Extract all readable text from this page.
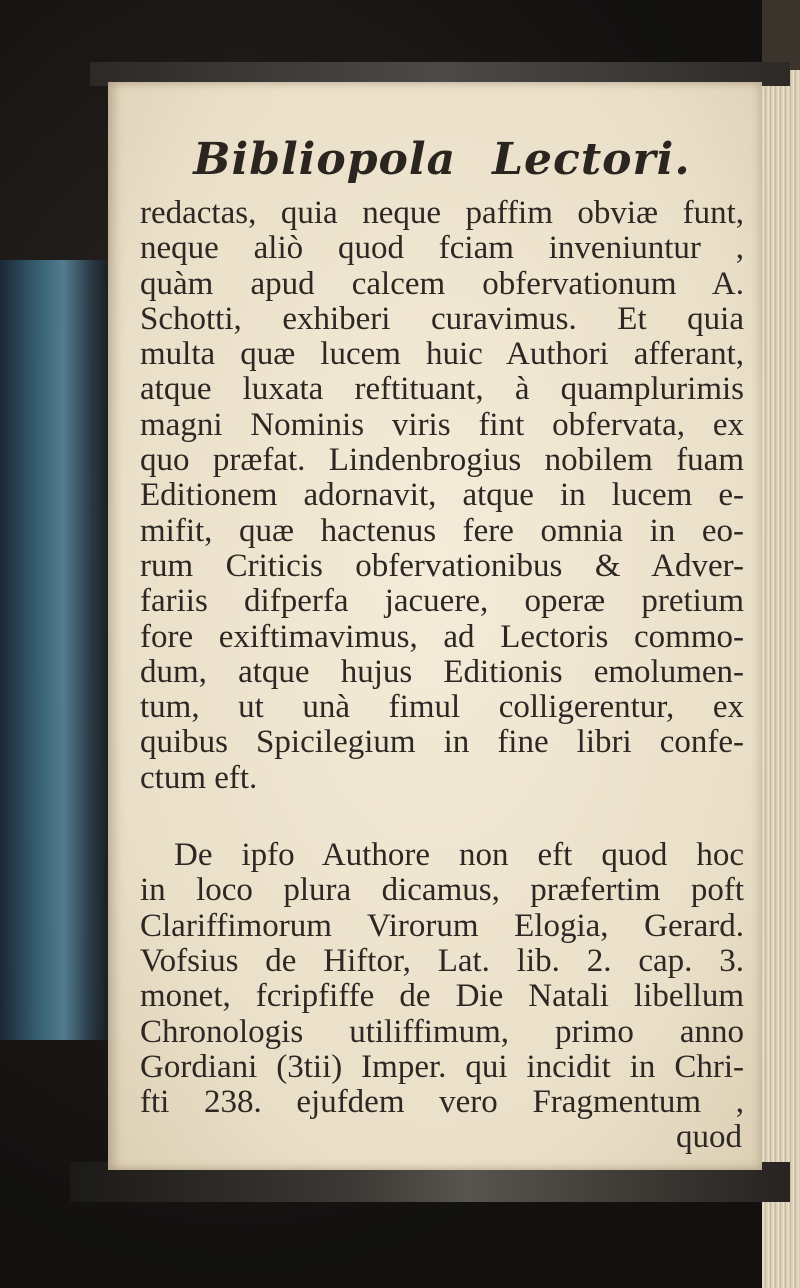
Bibliopola Lectori.
redactas, quia neque paffim obviæ funt,
neque aliò quod fciam inveniuntur ,
quàm apud calcem obfervationum A.
Schotti, exhiberi curavimus. Et quia
multa quæ lucem huic Authori afferant,
atque luxata reftituant, à quamplurimis
magni Nominis viris fint obfervata, ex
quo præfat. Lindenbrogius nobilem fuam
Editionem adornavit, atque in lucem e-
mifit, quæ hactenus fere omnia in eo-
rum Criticis obfervationibus & Adver-
fariis difperfa jacuere, operæ pretium
fore exiftimavimus, ad Lectoris commo-
dum, atque hujus Editionis emolumen-
tum, ut unà fimul colligerentur, ex
quibus Spicilegium in fine libri confe-
ctum eft.
De ipfo Authore non eft quod hoc
in loco plura dicamus, præfertim poft
Clariffimorum Virorum Elogia, Gerard.
Vofsius de Hiftor, Lat. lib. 2. cap. 3.
monet, fcripfiffe de Die Natali libellum
Chronologis utiliffimum, primo anno
Gordiani (3tii) Imper. qui incidit in Chri-
fti 238. ejufdem vero Fragmentum ,
quod
